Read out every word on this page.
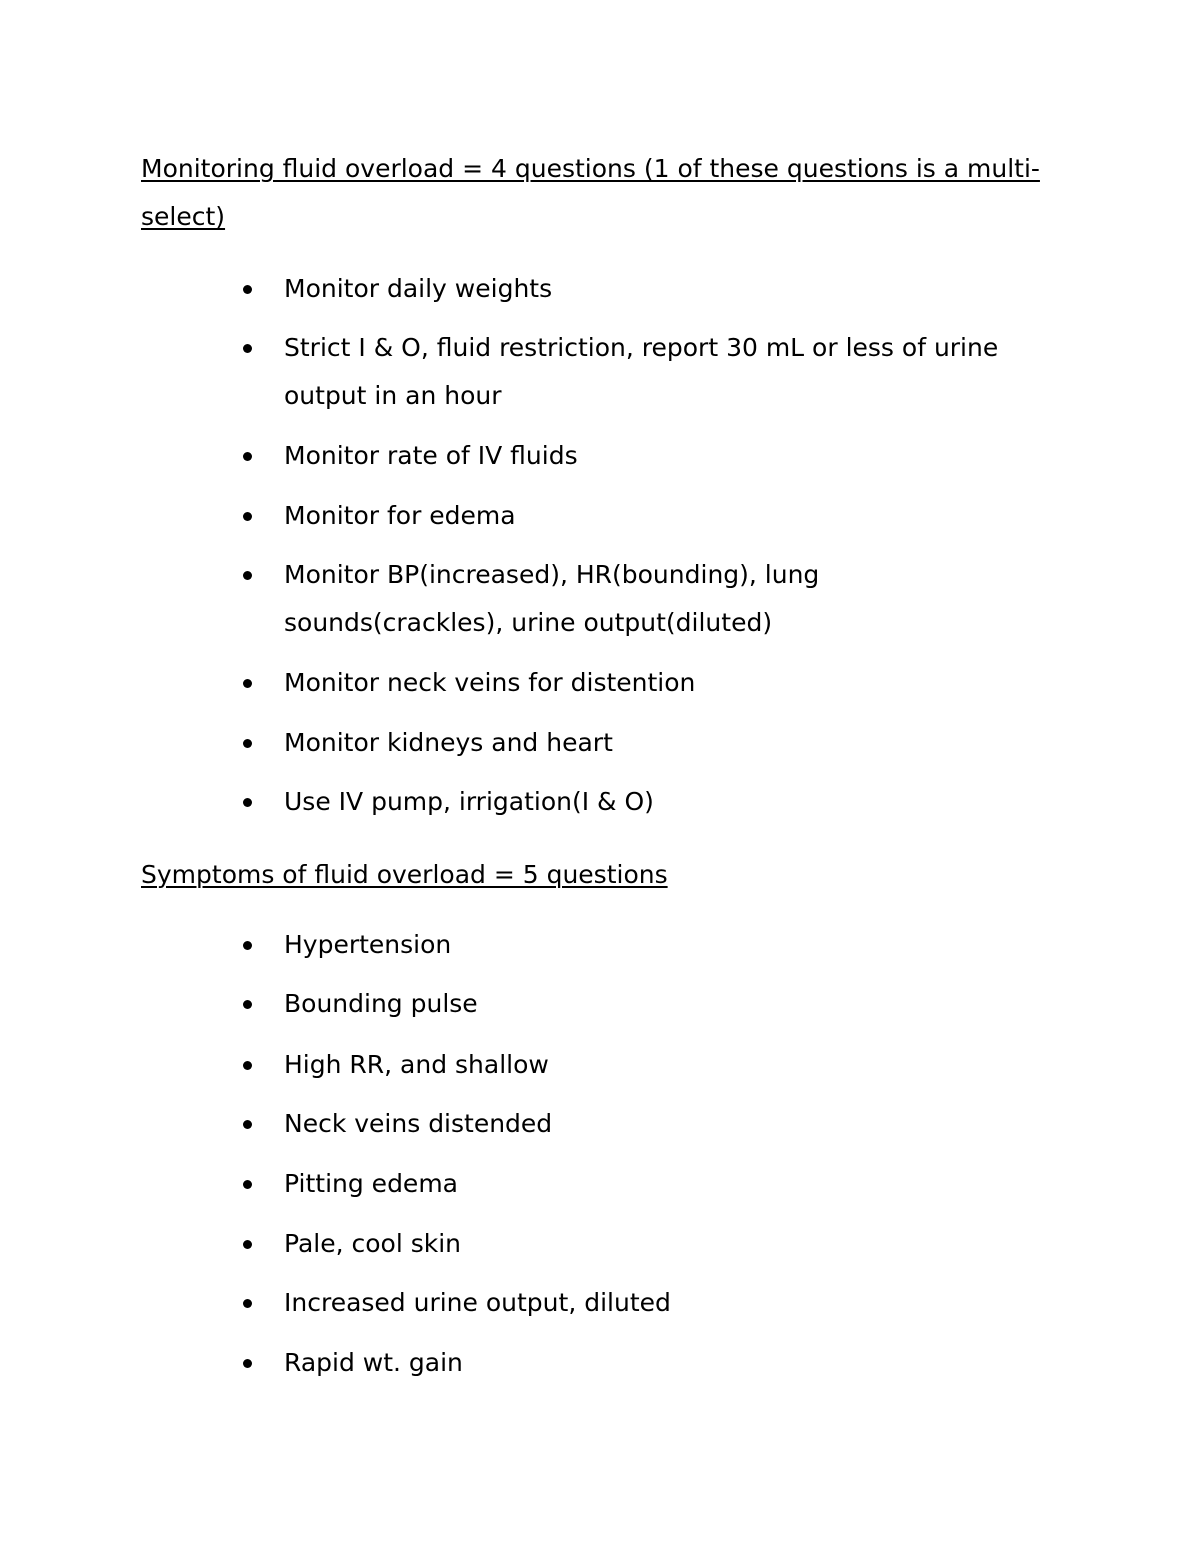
Monitoring fluid overload = 4 questions (1 of these questions is a multi-select)
Monitor daily weights
Strict I & O, fluid restriction, report 30 mL or less of urine output in an hour
Monitor rate of IV fluids
Monitor for edema
Monitor BP(increased), HR(bounding), lung sounds(crackles), urine output(diluted)
Monitor neck veins for distention
Monitor kidneys and heart
Use IV pump, irrigation(I & O)
Symptoms of fluid overload = 5 questions
Hypertension
Bounding pulse
High RR, and shallow
Neck veins distended
Pitting edema
Pale, cool skin
Increased urine output, diluted
Rapid wt. gain
